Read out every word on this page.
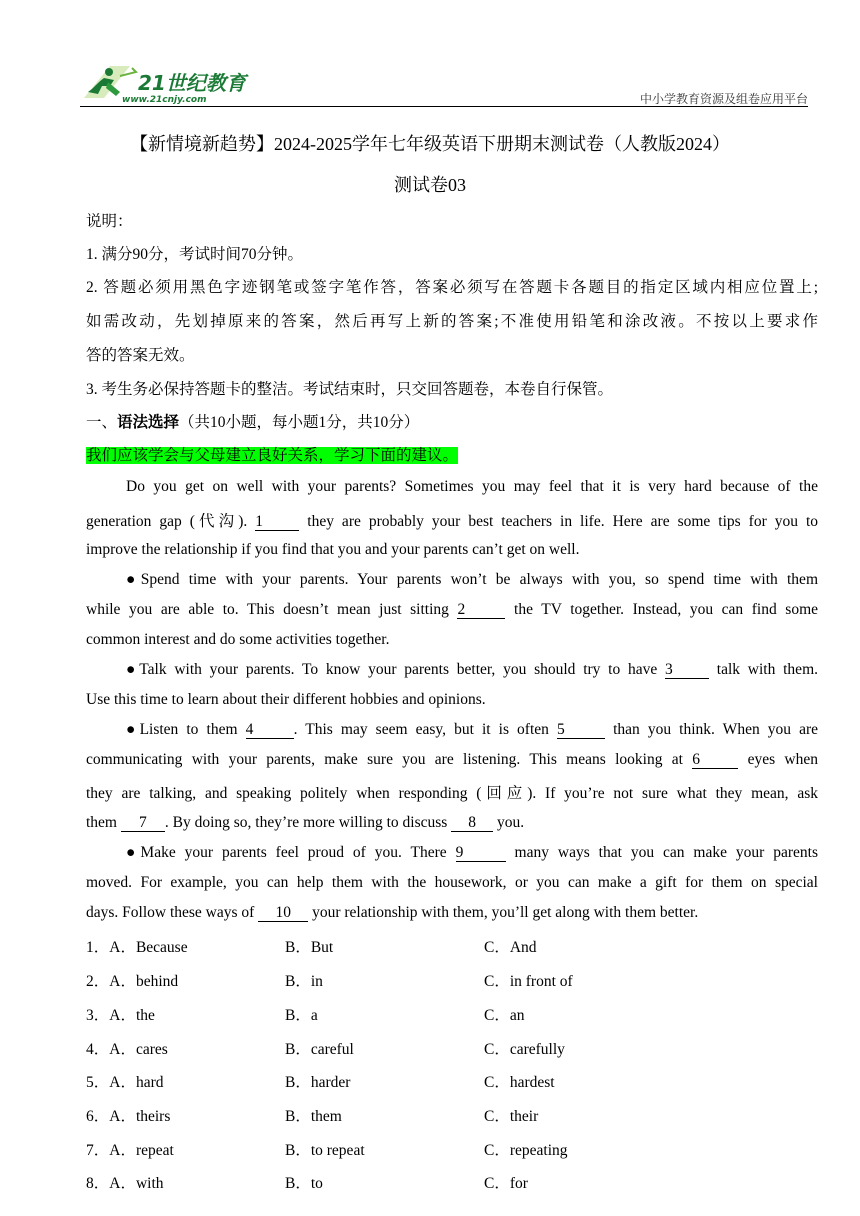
21世纪教育
www.21cnjy.com	中小学教育资源及组卷应用平台
【新情境新趋势】2024-2025学年七年级英语下册期末测试卷（人教版2024）
测试卷03
说明：
1. 满分90分，考试时间70分钟。
2. 答题必须用黑色字迹钢笔或签字笔作答，答案必须写在答题卡各题目的指定区域内相应位置上;
如需改动，先划掉原来的答案，然后再写上新的答案;不准使用铅笔和涂改液。不按以上要求作
答的答案无效。
3. 考生务必保持答题卡的整洁。考试结束时，只交回答题卷，本卷自行保管。
一、语法选择（共10小题，每小题1分，共10分）
我们应该学会与父母建立良好关系，学习下面的建议。
Do you get on well with your parents? Sometimes you may feel that it is very hard because of the
generation gap (代沟). 1	they are probably your best teachers in life. Here are some tips for you to
improve the relationship if you find that you and your parents can’t get on well.
●Spend time with your parents. Your parents won’t be always with you, so spend time with them
while you are able to. This doesn’t mean just sitting 2	the TV together. Instead, you can find some
common interest and do some activities together.
●Talk with your parents. To know your parents better, you should try to have 3	talk with them.
Use this time to learn about their different hobbies and opinions.
●Listen to them 4	. This may seem easy, but it is often 5	than you think. When you are
communicating with your parents, make sure you are listening. This means looking at 6	eyes when
they are talking, and speaking politely when responding (回应). If you’re not sure what they mean, ask
them 7 . By doing so, they’re more willing to discuss 8 you.
●Make your parents feel proud of you. There 9	many ways that you can make your parents
moved. For example, you can help them with the housework, or you can make a gift for them on special
days. Follow these ways of 10 your relationship with them, you’ll get along with them better.
1．A．Because	B．But	C．And
2．A．behind	B．in	C．in front of
3．A．the	B．a	C．an
4．A．cares	B．careful	C．carefully
5．A．hard	B．harder	C．hardest
6．A．theirs	B．them	C．their
7．A．repeat	B．to repeat	C．repeating
8．A．with	B．to	C．for
